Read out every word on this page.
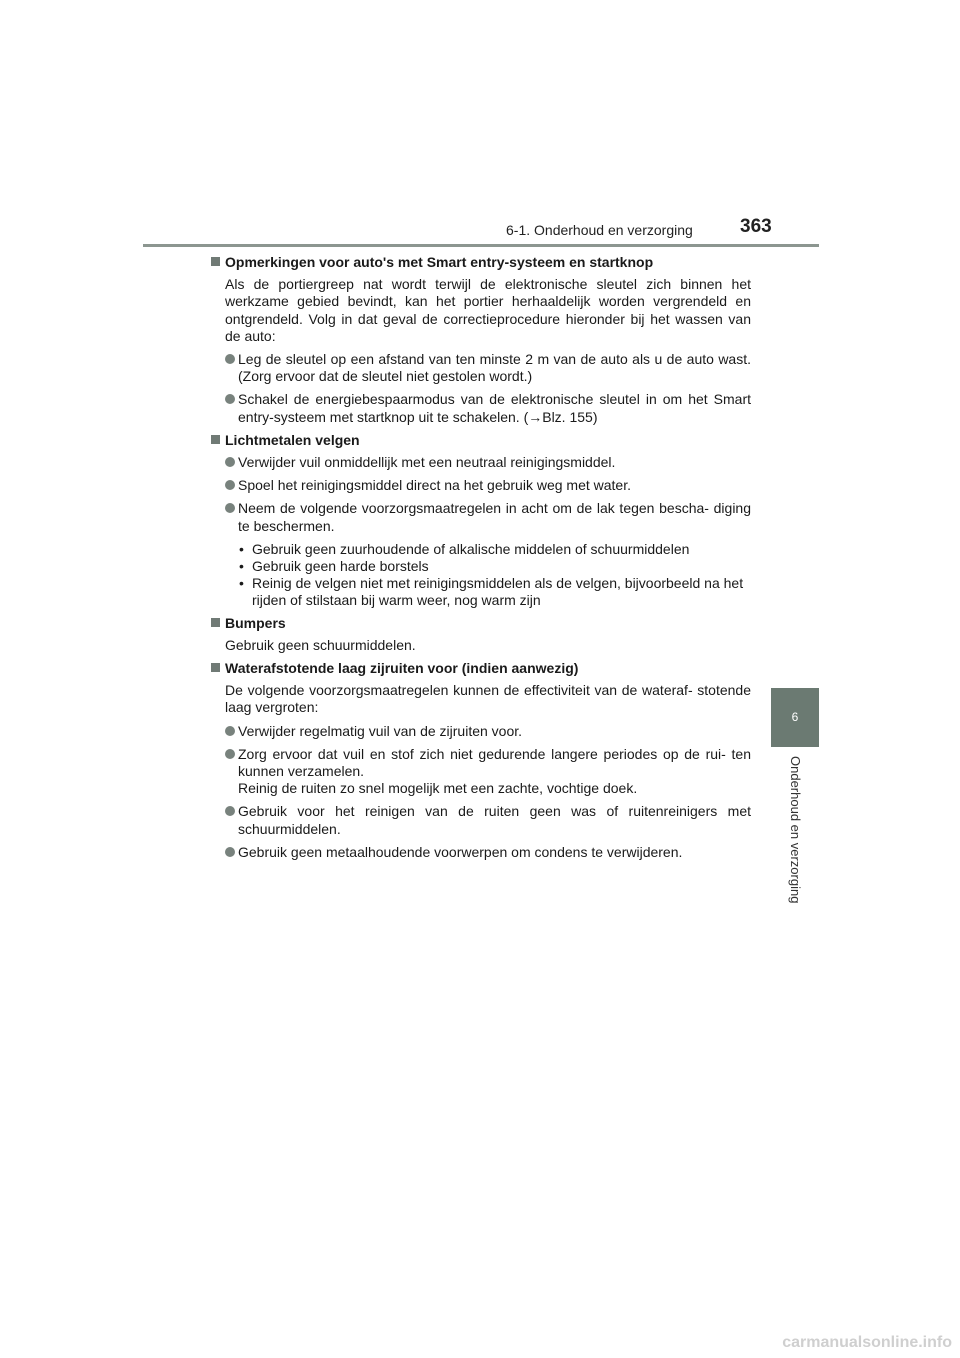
6-1. Onderhoud en verzorging 363
6
Onderhoud en verzorging
Opmerkingen voor auto's met Smart entry-systeem en startknop
Als de portiergreep nat wordt terwijl de elektronische sleutel zich binnen het werkzame gebied bevindt, kan het portier herhaaldelijk worden vergrendeld en ontgrendeld. Volg in dat geval de correctieprocedure hieronder bij het wassen van de auto:
Leg de sleutel op een afstand van ten minste 2 m van de auto als u de auto wast. (Zorg ervoor dat de sleutel niet gestolen wordt.)
Schakel de energiebespaarmodus van de elektronische sleutel in om het Smart entry-systeem met startknop uit te schakelen. (→Blz. 155)
Lichtmetalen velgen
Verwijder vuil onmiddellijk met een neutraal reinigingsmiddel.
Spoel het reinigingsmiddel direct na het gebruik weg met water.
Neem de volgende voorzorgsmaatregelen in acht om de lak tegen bescha- diging te beschermen.
• Gebruik geen zuurhoudende of alkalische middelen of schuurmiddelen
• Gebruik geen harde borstels
• Reinig de velgen niet met reinigingsmiddelen als de velgen, bijvoorbeeld na het rijden of stilstaan bij warm weer, nog warm zijn
Bumpers
Gebruik geen schuurmiddelen.
Waterafstotende laag zijruiten voor (indien aanwezig)
De volgende voorzorgsmaatregelen kunnen de effectiviteit van de wateraf- stotende laag vergroten:
Verwijder regelmatig vuil van de zijruiten voor.
Zorg ervoor dat vuil en stof zich niet gedurende langere periodes op de rui- ten kunnen verzamelen.
Reinig de ruiten zo snel mogelijk met een zachte, vochtige doek.
Gebruik voor het reinigen van de ruiten geen was of ruitenreinigers met schuurmiddelen.
Gebruik geen metaalhoudende voorwerpen om condens te verwijderen.
carmanualsonline.info
